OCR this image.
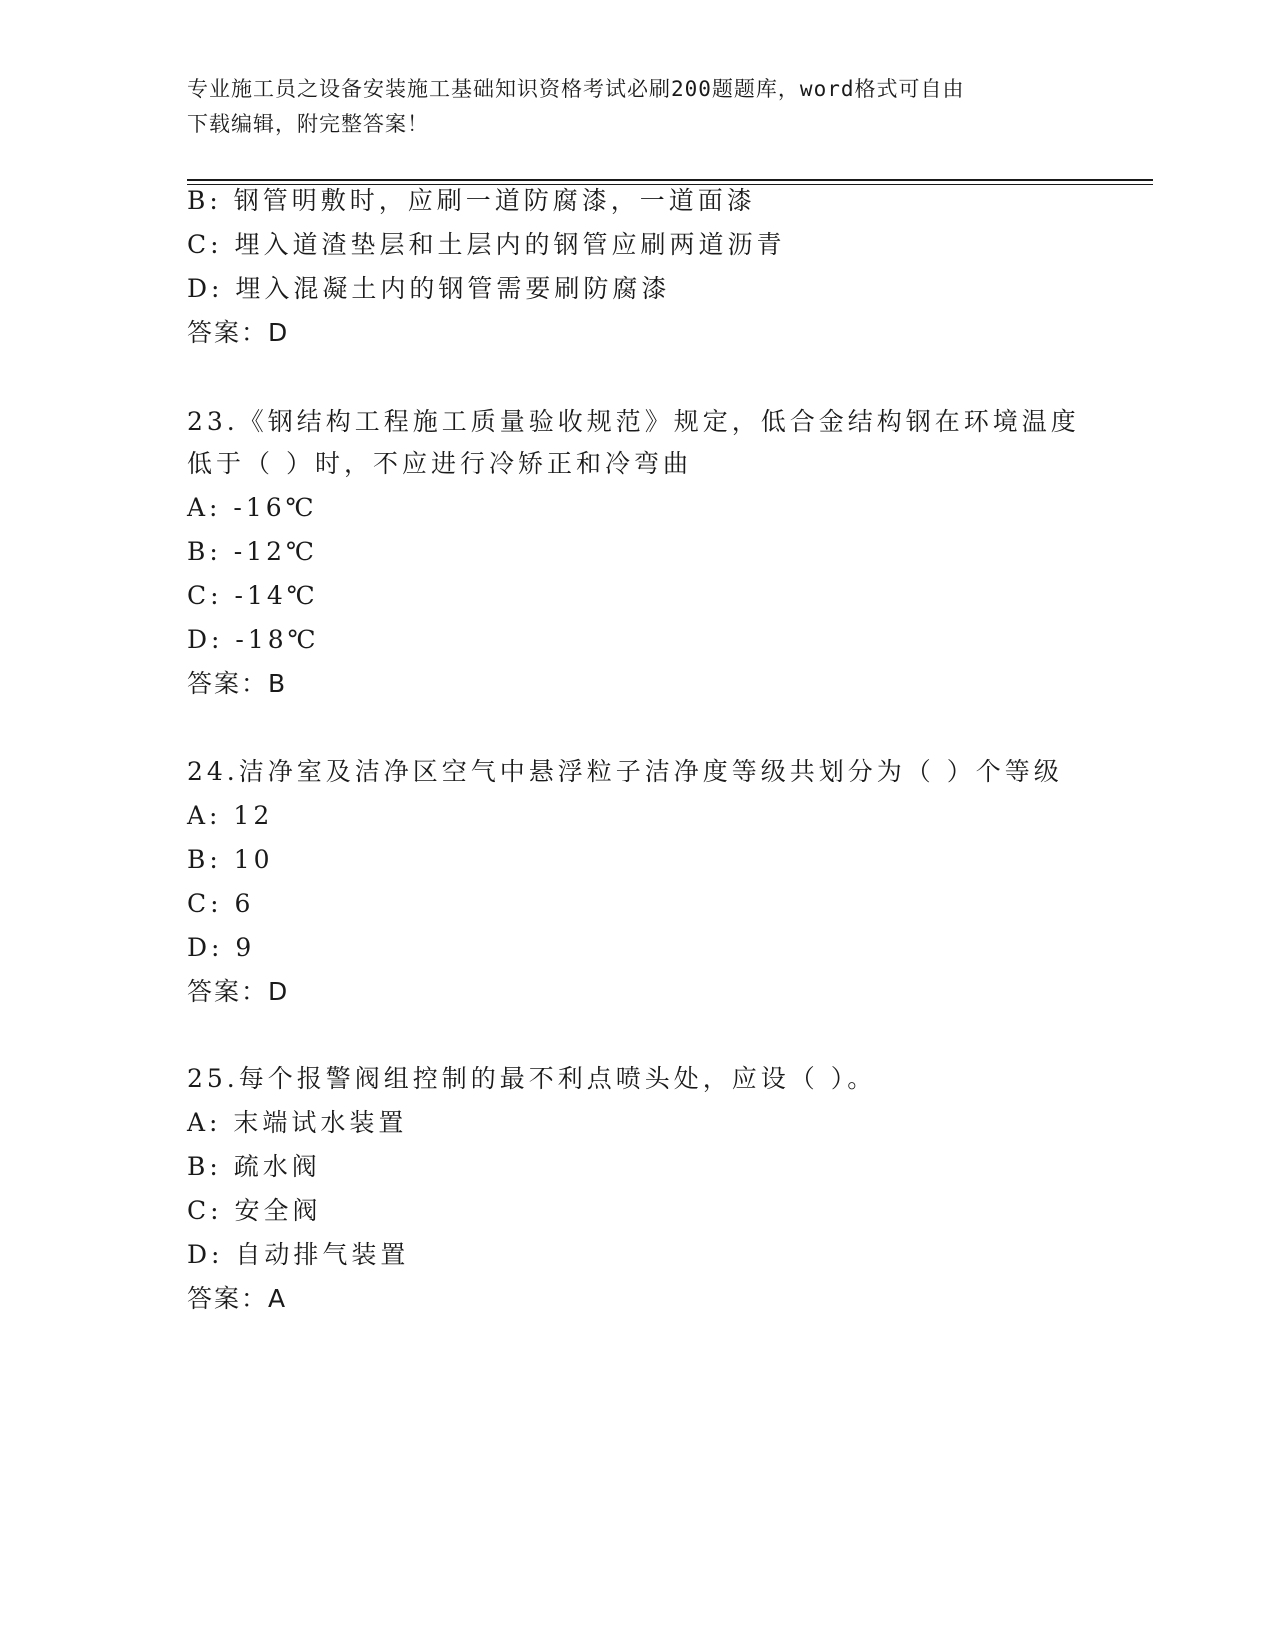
专业施工员之设备安装施工基础知识资格考试必刷200题题库，word格式可自由
下载编辑，附完整答案！
B: 钢管明敷时，应刷一道防腐漆，一道面漆
C: 埋入道渣垫层和土层内的钢管应刷两道沥青
D: 埋入混凝土内的钢管需要刷防腐漆
答案：D
23.《钢结构工程施工质量验收规范》规定，低合金结构钢在环境温度
低于（ ）时，不应进行冷矫正和冷弯曲
A: -16℃
B: -12℃
C: -14℃
D: -18℃
答案：B
24.洁净室及洁净区空气中悬浮粒子洁净度等级共划分为（ ）个等级
A: 12
B: 10
C: 6
D: 9
答案：D
25.每个报警阀组控制的最不利点喷头处，应设（ ）。
A: 末端试水装置
B: 疏水阀
C: 安全阀
D: 自动排气装置
答案：A
